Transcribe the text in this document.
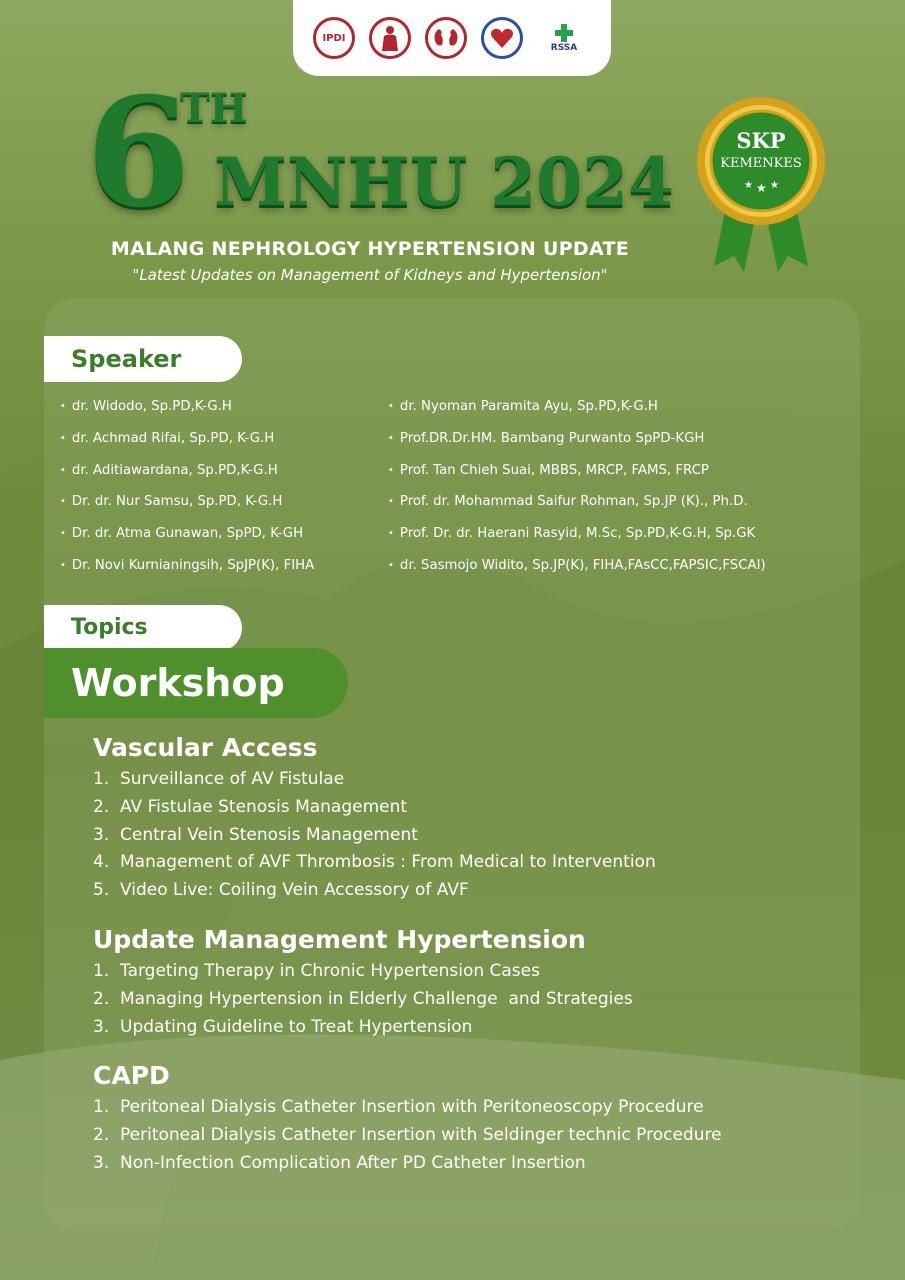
IPDI
RSSA
6
TH
MNHU 2024
MALANG NEPHROLOGY HYPERTENSION UPDATE
"Latest Updates on Management of Kidneys and Hypertension"
★ ★ ★
SKP
KEMENKES
Speaker
• dr. Widodo, Sp.PD,K-G.H
• dr. Achmad Rifai, Sp.PD, K-G.H
• dr. Aditiawardana, Sp.PD,K-G.H
• Dr. dr. Nur Samsu, Sp.PD, K-G.H
• Dr. dr. Atma Gunawan, SpPD, K-GH
• Dr. Novi Kurnianingsih, SpJP(K), FIHA
• dr. Nyoman Paramita Ayu, Sp.PD,K-G.H
• Prof.DR.Dr.HM. Bambang Purwanto SpPD-KGH
• Prof. Tan Chieh Suai, MBBS, MRCP, FAMS, FRCP
• Prof. dr. Mohammad Saifur Rohman, Sp.JP (K)., Ph.D.
• Prof. Dr. dr. Haerani Rasyid, M.Sc, Sp.PD,K-G.H, Sp.GK
• dr. Sasmojo Widito, Sp.JP(K), FIHA,FAsCC,FAPSIC,FSCAI)
Topics
Workshop
Vascular Access
1. Surveillance of AV Fistulae
2. AV Fistulae Stenosis Management
3. Central Vein Stenosis Management
4. Management of AVF Thrombosis : From Medical to Intervention
5. Video Live: Coiling Vein Accessory of AVF
Update Management Hypertension
1. Targeting Therapy in Chronic Hypertension Cases
2. Managing Hypertension in Elderly Challenge  and Strategies
3. Updating Guideline to Treat Hypertension
CAPD
1. Peritoneal Dialysis Catheter Insertion with Peritoneoscopy Procedure
2. Peritoneal Dialysis Catheter Insertion with Seldinger technic Procedure
3. Non-Infection Complication After PD Catheter Insertion
